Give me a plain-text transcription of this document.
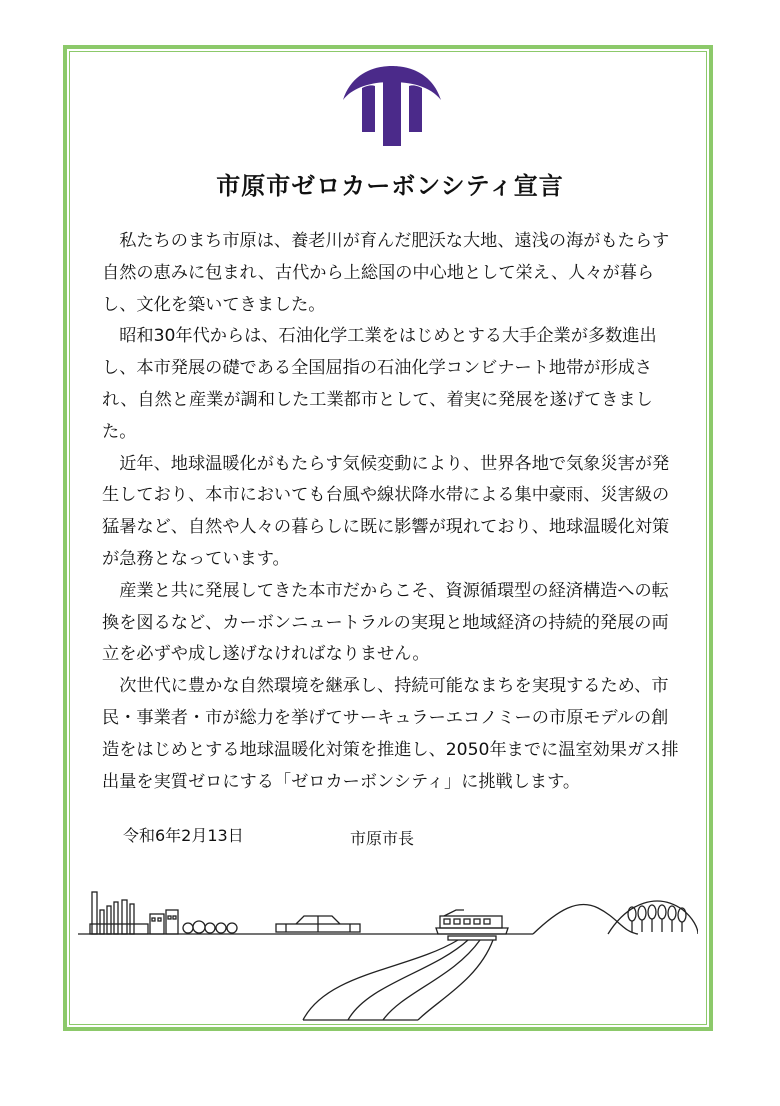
市原市ゼロカーボンシティ宣言

私たちのまち市原は、養老川が育んだ肥沃な大地、遠浅の海がもたらす自然の恵みに包まれ、古代から上総国の中心地として栄え、人々が暮らし、文化を築いてきました。

昭和30年代からは、石油化学工業をはじめとする大手企業が多数進出し、本市発展の礎である全国屈指の石油化学コンビナート地帯が形成され、自然と産業が調和した工業都市として、着実に発展を遂げてきました。

近年、地球温暖化がもたらす気候変動により、世界各地で気象災害が発生しており、本市においても台風や線状降水帯による集中豪雨、災害級の猛暑など、自然や人々の暮らしに既に影響が現れており、地球温暖化対策が急務となっています。

産業と共に発展してきた本市だからこそ、資源循環型の経済構造への転換を図るなど、カーボンニュートラルの実現と地域経済の持続的発展の両立を必ずや成し遂げなければなりません。

次世代に豊かな自然環境を継承し、持続可能なまちを実現するため、市民・事業者・市が総力を挙げてサーキュラーエコノミーの市原モデルの創造をはじめとする地球温暖化対策を推進し、2050年までに温室効果ガス排出量を実質ゼロにする「ゼロカーボンシティ」に挑戦します。

令和6年2月13日	市原市長
